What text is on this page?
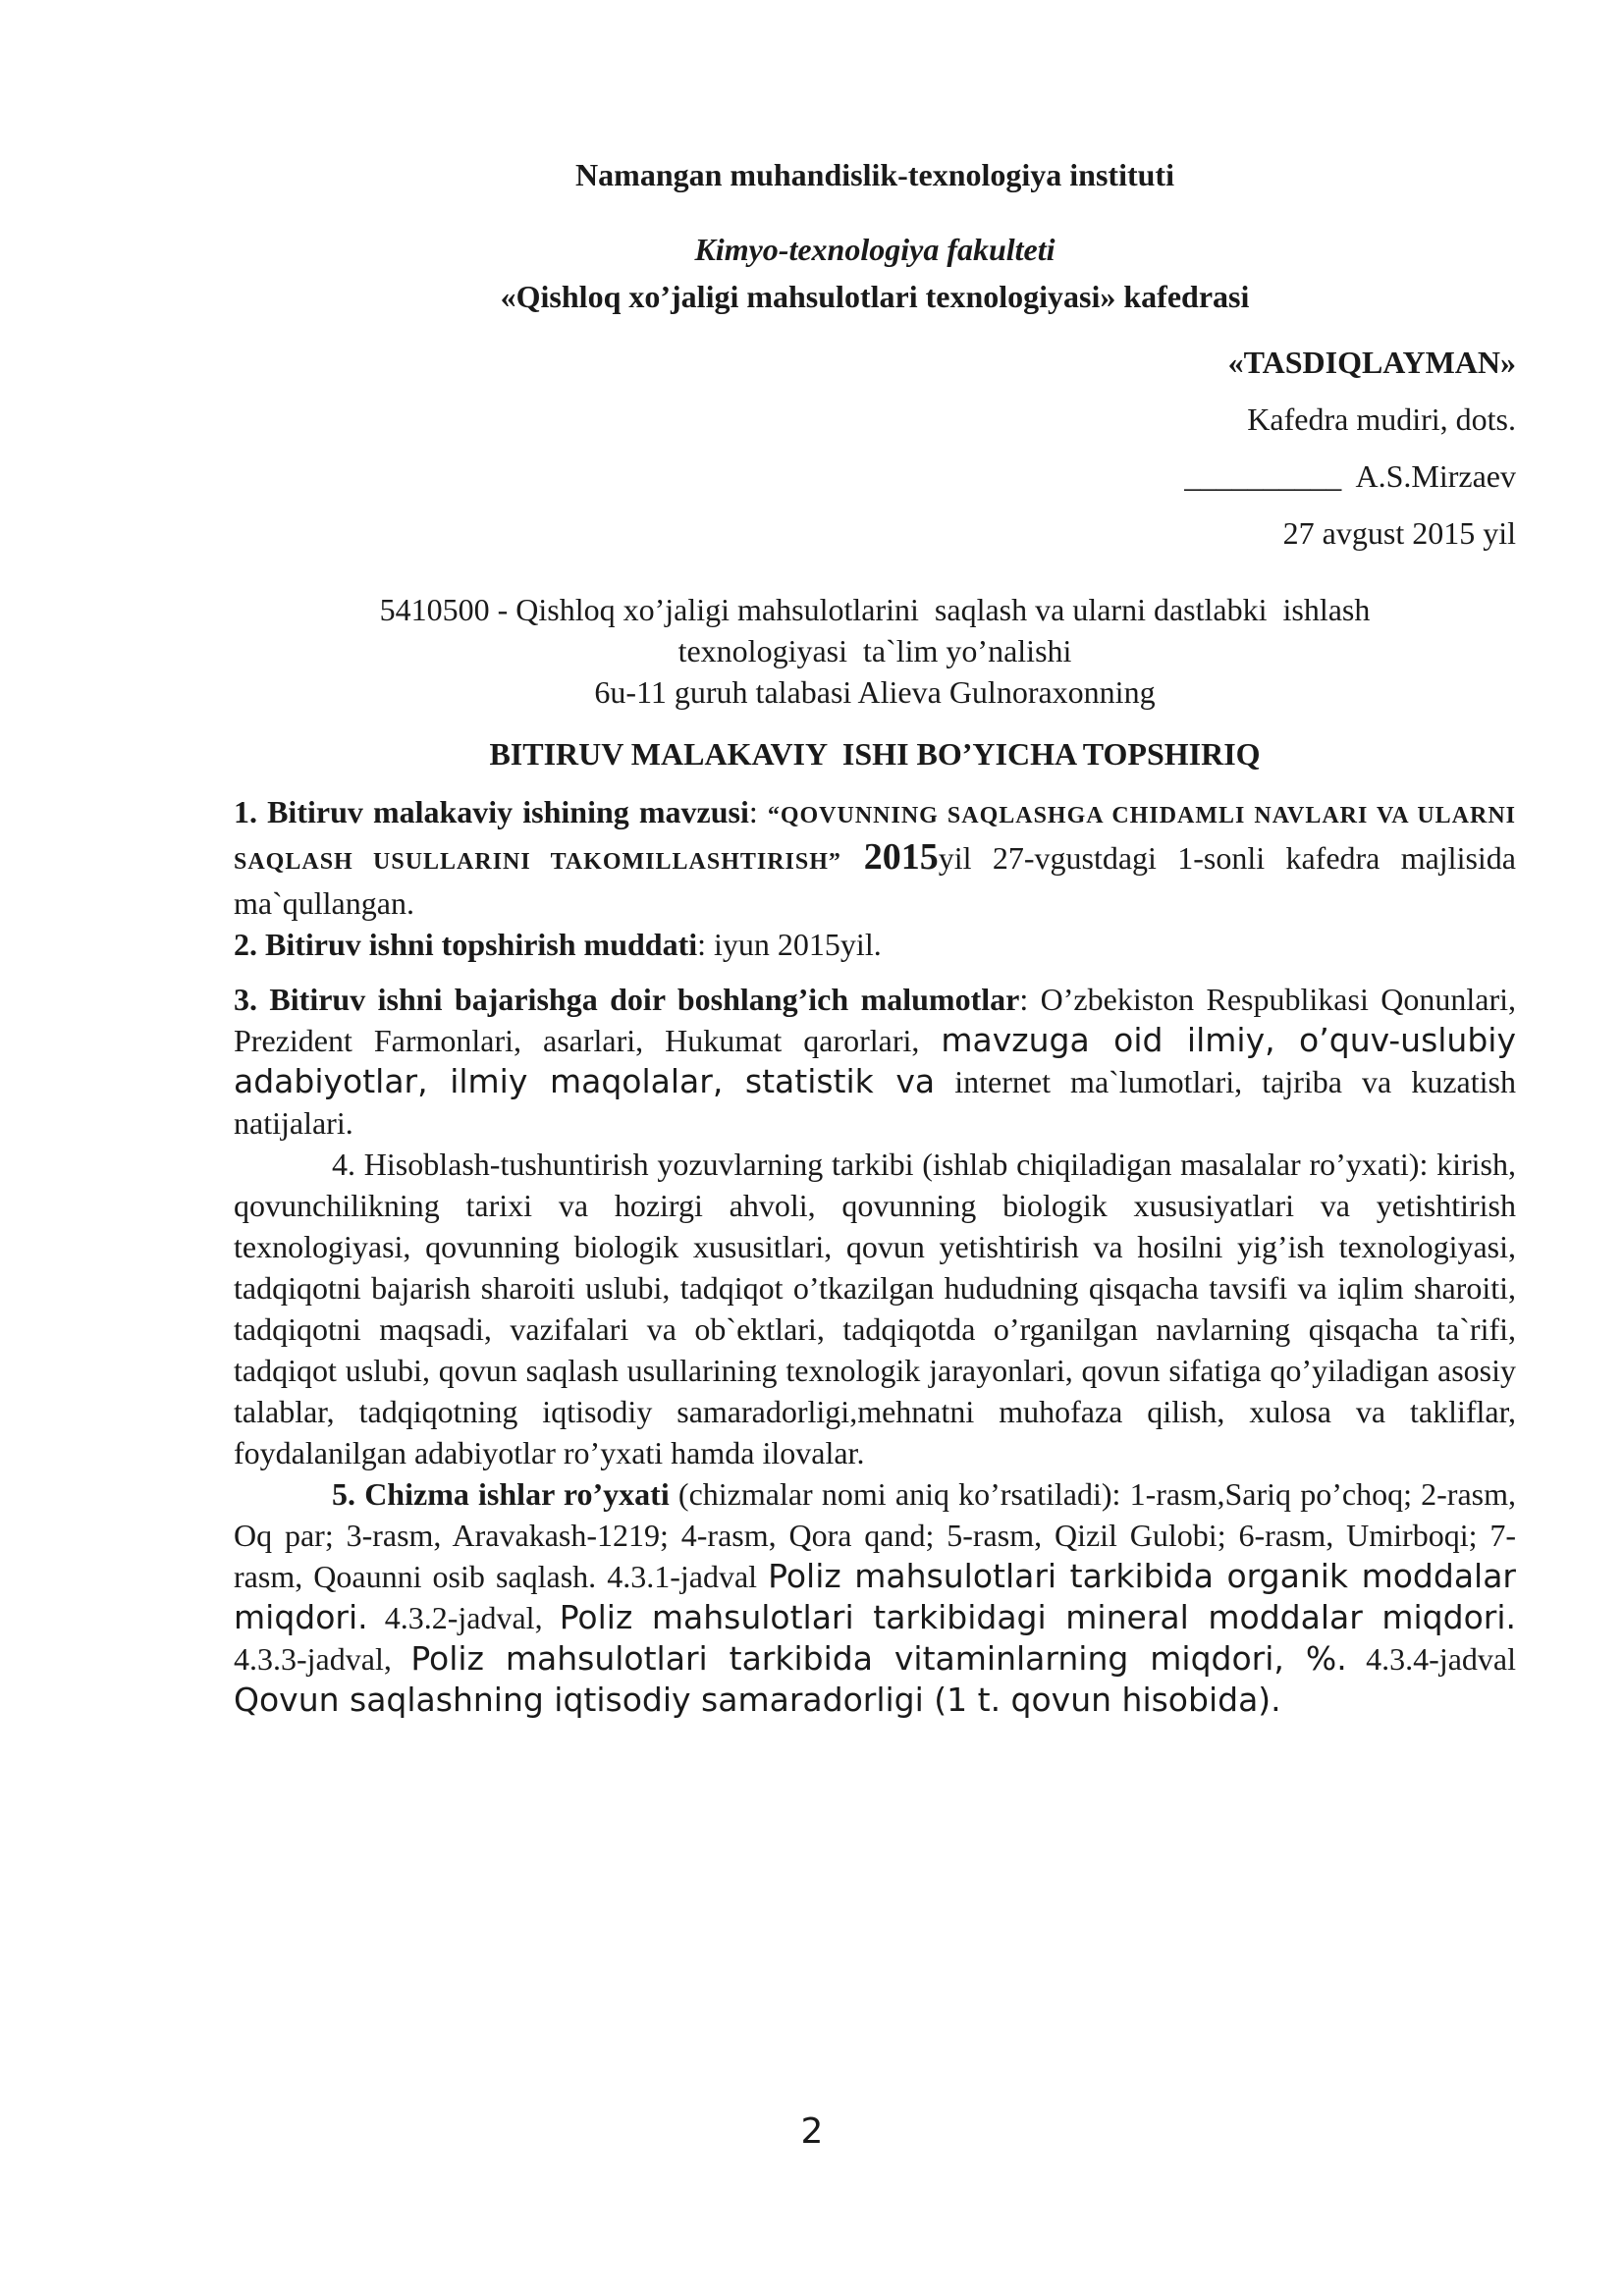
Namangan muhandislik-texnologiya instituti
Kimyo-texnologiya fakulteti
«Qishloq xo’jaligi mahsulotlari texnologiyasi» kafedrasi
«TASDIQLAYMAN»
Kafedra mudiri, dots.
__________  A.S.Mirzaev
27 avgust 2015 yil
5410500 - Qishloq xo’jaligi mahsulotlarini  saqlash va ularni dastlabki  ishlash
texnologiyasi  ta`lim yo’nalishi
6u-11 guruh talabasi Alieva Gulnoraxonning
BITIRUV MALAKAVIY  ISHI BO’YICHA TOPSHIRIQ

1. Bitiruv malakaviy ishining mavzusi: “QOVUNNING SAQLASHGA CHIDAMLI NAVLARI VA ULARNI SAQLASH USULLARINI TAKOMILLASHTIRISH” 2015yil 27-vgustdagi 1-sonli kafedra majlisida ma`qullangan.

2. Bitiruv ishni topshirish muddati: iyun 2015yil.

3. Bitiruv ishni bajarishga doir boshlang’ich malumotlar: O’zbekiston Respublikasi Qonunlari, Prezident Farmonlari, asarlari, Hukumat qarorlari, mavzuga oid ilmiy, o’quv-uslubiy adabiyotlar, ilmiy maqolalar, statistik va internet ma`lumotlari, tajriba va kuzatish natijalari.

4. Hisoblash-tushuntirish yozuvlarning tarkibi (ishlab chiqiladigan masalalar ro’yxati): kirish, qovunchilikning tarixi va hozirgi ahvoli, qovunning biologik xususiyatlari va yetishtirish texnologiyasi, qovunning biologik xususitlari, qovun yetishtirish va hosilni yig’ish texnologiyasi, tadqiqotni bajarish sharoiti uslubi, tadqiqot o’tkazilgan hududning qisqacha tavsifi va iqlim sharoiti, tadqiqotni maqsadi, vazifalari va ob`ektlari, tadqiqotda o’rganilgan navlarning qisqacha ta`rifi, tadqiqot uslubi, qovun saqlash usullarining texnologik jarayonlari, qovun sifatiga qo’yiladigan asosiy talablar, tadqiqotning iqtisodiy samaradorligi,mehnatni muhofaza qilish, xulosa va takliflar, foydalanilgan adabiyotlar ro’yxati hamda ilovalar.

5. Chizma ishlar ro’yxati (chizmalar nomi aniq ko’rsatiladi): 1-rasm,Sariq po’choq; 2-rasm, Oq par; 3-rasm, Aravakash-1219; 4-rasm, Qora qand; 5-rasm, Qizil Gulobi; 6-rasm, Umirboqi; 7-rasm, Qoaunni osib saqlash. 4.3.1-jadval Poliz mahsulotlari tarkibida organik moddalar miqdori. 4.3.2-jadval, Poliz mahsulotlari tarkibidagi mineral moddalar miqdori. 4.3.3-jadval, Poliz mahsulotlari tarkibida vitaminlarning miqdori, %. 4.3.4-jadval Qovun saqlashning iqtisodiy samaradorligi (1 t. qovun hisobida).

2
